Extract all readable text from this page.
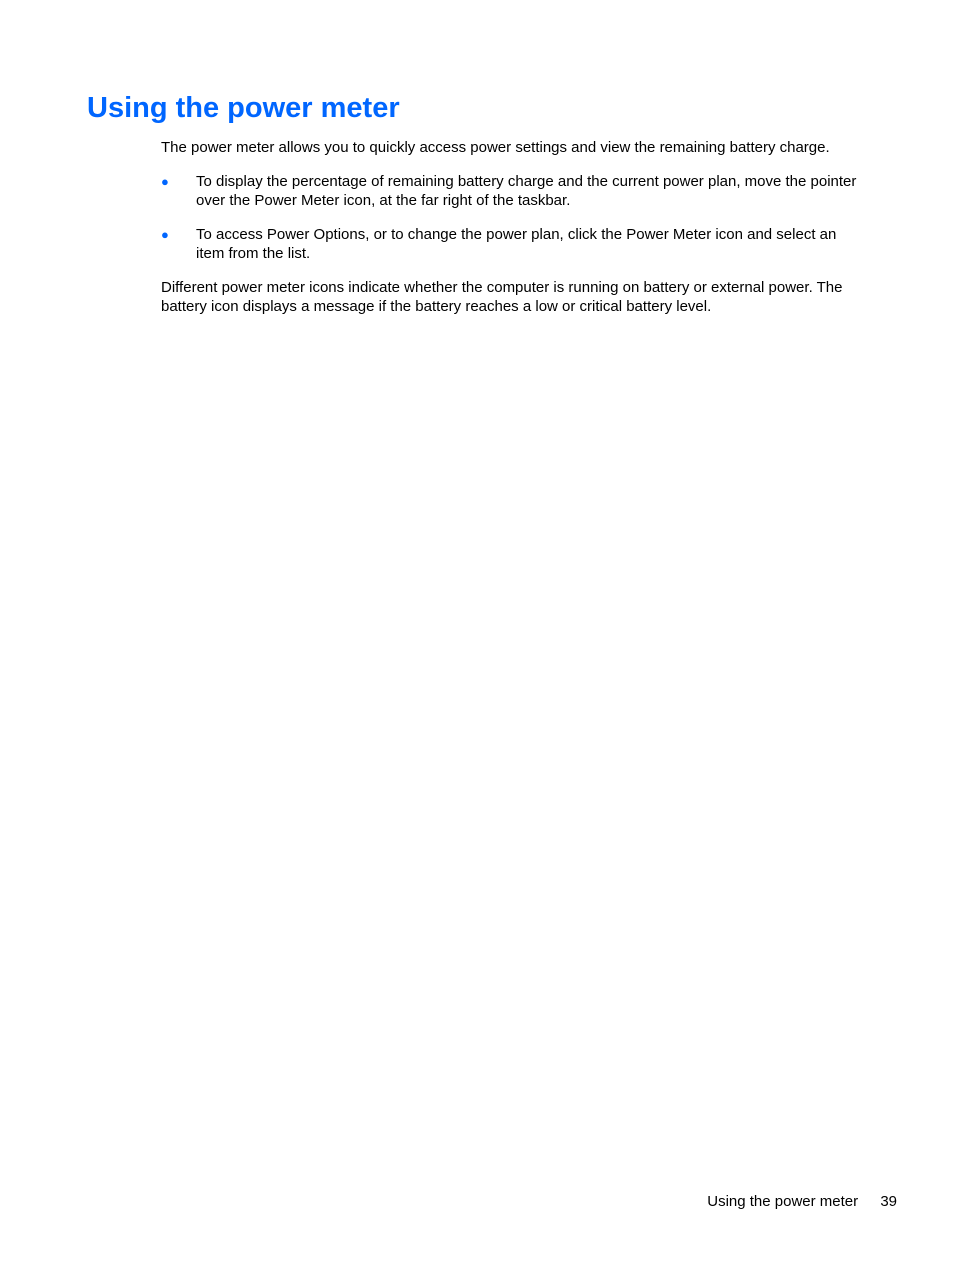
Using the power meter

The power meter allows you to quickly access power settings and view the remaining battery charge.

● To display the percentage of remaining battery charge and the current power plan, move the pointer over the Power Meter icon, at the far right of the taskbar.
● To access Power Options, or to change the power plan, click the Power Meter icon and select an item from the list.

Different power meter icons indicate whether the computer is running on battery or external power. The battery icon displays a message if the battery reaches a low or critical battery level.

Using the power meter 39
